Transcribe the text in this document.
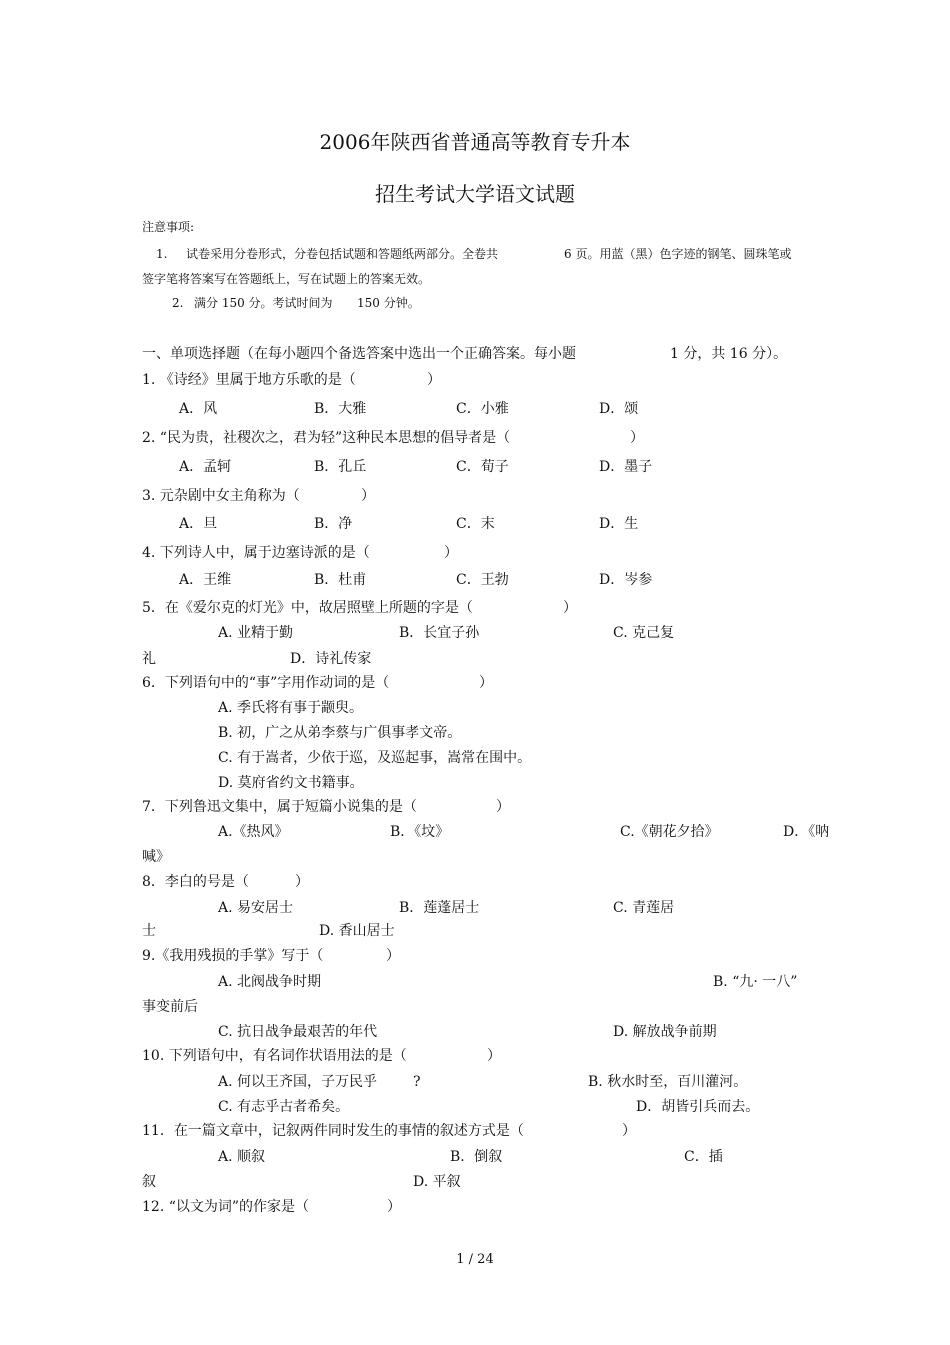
2006年陕西省普通高等教育专升本
招生考试大学语文试题
注意事项:
1. 试卷采用分卷形式，分卷包括试题和答题纸两部分。全卷共	6 页。用蓝（黑）色字迹的钢笔、圆珠笔或
签字笔将答案写在答题纸上，写在试题上的答案无效。
2. 满分 150 分。考试时间为 150 分钟。
一、单项选择题（在每小题四个备选答案中选出一个正确答案。每小题	1 分，共 16 分）。
1. 《诗经》里属于地方乐歌的是（	）
A．风	B．大雅	C．小雅	D．颂
2. “民为贵，社稷次之，君为轻”这种民本思想的倡导者是（	）
A．孟轲	B．孔丘	C．荀子	D．墨子
3. 元杂剧中女主角称为（	）
A．旦	B．净	C．末	D．生
4. 下列诗人中，属于边塞诗派的是（	）
A．王维	B．杜甫	C．王勃	D．岑参
5．在《爱尔克的灯光》中，故居照壁上所题的字是（	）
A. 业精于勤	B．长宜子孙	C. 克己复
礼	D．诗礼传家
6．下列语句中的“事”字用作动词的是（	）
A. 季氏将有事于颛臾。
B. 初，广之从弟李蔡与广俱事孝文帝。
C. 有于嵩者，少依于巡，及巡起事，嵩常在围中。
D. 莫府省约文书籍事。
7．下列鲁迅文集中，属于短篇小说集的是（	）
A.《热风》	B．《坟》	C.《朝花夕拾》	D．《呐
喊》
8．李白的号是（	）
A. 易安居士	B．莲蓬居士	C. 青莲居
士	D. 香山居士
9.《我用残损的手掌》写于（	）
A. 北阀战争时期	B. “九· 一八”
事变前后
C. 抗日战争最艰苦的年代	D. 解放战争前期
10. 下列语句中，有名词作状语用法的是（	）
A. 何以王齐国，子万民乎	?	B. 秋水时至，百川灌河。
C. 有志乎古者希矣。	D．胡皆引兵而去。
11．在一篇文章中，记叙两件同时发生的事情的叙述方式是（	）
A. 顺叙	B．倒叙	C．插
叙	D. 平叙
12. “以文为词”的作家是（	）
1 / 24
